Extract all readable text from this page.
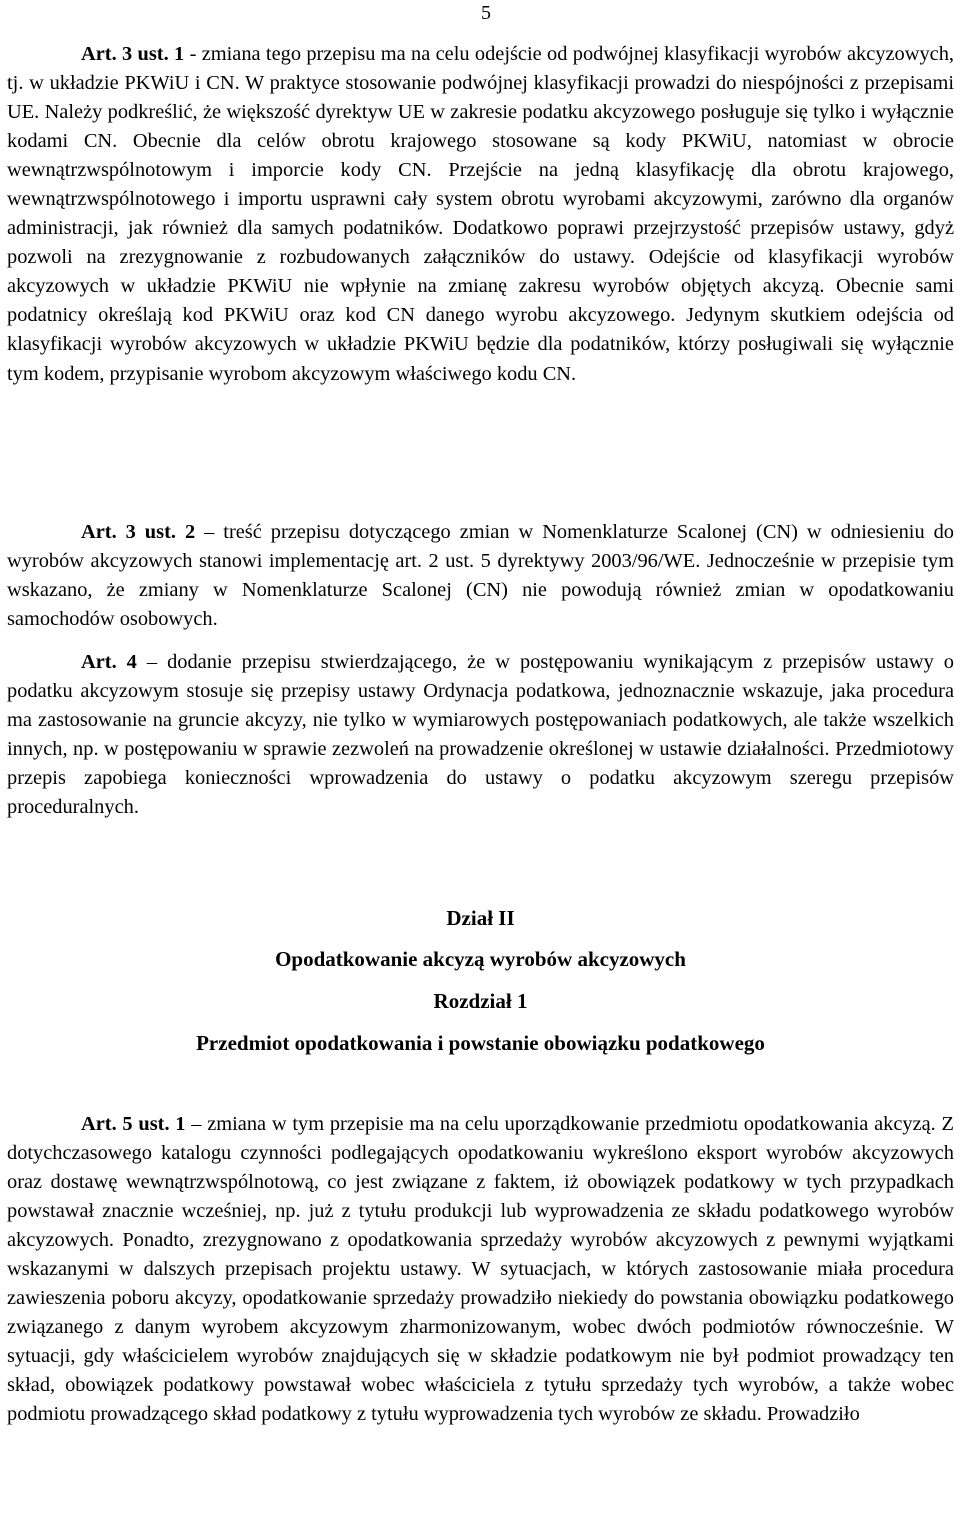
5

Art. 3 ust. 1 - zmiana tego przepisu ma na celu odejście od podwójnej klasyfikacji wyrobów akcyzowych, tj. w układzie PKWiU i CN. W praktyce stosowanie podwójnej klasyfikacji prowadzi do niespójności z przepisami UE. Należy podkreślić, że większość dyrektyw UE w zakresie podatku akcyzowego posługuje się tylko i wyłącznie kodami CN. Obecnie dla celów obrotu krajowego stosowane są kody PKWiU, natomiast w obrocie wewnątrzwspólnotowym i imporcie kody CN. Przejście na jedną klasyfikację dla obrotu krajowego, wewnątrzwspólnotowego i importu usprawni cały system obrotu wyrobami akcyzowymi, zarówno dla organów administracji, jak również dla samych podatników. Dodatkowo poprawi przejrzystość przepisów ustawy, gdyż pozwoli na zrezygnowanie z rozbudowanych załączników do ustawy. Odejście od klasyfikacji wyrobów akcyzowych w układzie PKWiU nie wpłynie na zmianę zakresu wyrobów objętych akcyzą. Obecnie sami podatnicy określają kod PKWiU oraz kod CN danego wyrobu akcyzowego. Jedynym skutkiem odejścia od klasyfikacji wyrobów akcyzowych w układzie PKWiU będzie dla podatników, którzy posługiwali się wyłącznie tym kodem, przypisanie wyrobom akcyzowym właściwego kodu CN.

Art. 3 ust. 2 – treść przepisu dotyczącego zmian w Nomenklaturze Scalonej (CN) w odniesieniu do wyrobów akcyzowych stanowi implementację art. 2 ust. 5 dyrektywy 2003/96/WE. Jednocześnie w przepisie tym wskazano, że zmiany w Nomenklaturze Scalonej (CN) nie powodują również zmian w opodatkowaniu samochodów osobowych.

Art. 4 – dodanie przepisu stwierdzającego, że w postępowaniu wynikającym z przepisów ustawy o podatku akcyzowym stosuje się przepisy ustawy Ordynacja podatkowa, jednoznacznie wskazuje, jaka procedura ma zastosowanie na gruncie akcyzy, nie tylko w wymiarowych postępowaniach podatkowych, ale także wszelkich innych, np. w postępowaniu w sprawie zezwoleń na prowadzenie określonej w ustawie działalności. Przedmiotowy przepis zapobiega konieczności wprowadzenia do ustawy o podatku akcyzowym szeregu przepisów proceduralnych.

Dział II
Opodatkowanie akcyzą wyrobów akcyzowych
Rozdział 1
Przedmiot opodatkowania i powstanie obowiązku podatkowego

Art. 5 ust. 1 – zmiana w tym przepisie ma na celu uporządkowanie przedmiotu opodatkowania akcyzą. Z dotychczasowego katalogu czynności podlegających opodatkowaniu wykreślono eksport wyrobów akcyzowych oraz dostawę wewnątrzwspólnotową, co jest związane z faktem, iż obowiązek podatkowy w tych przypadkach powstawał znacznie wcześniej, np. już z tytułu produkcji lub wyprowadzenia ze składu podatkowego wyrobów akcyzowych. Ponadto, zrezygnowano z opodatkowania sprzedaży wyrobów akcyzowych z pewnymi wyjątkami wskazanymi w dalszych przepisach projektu ustawy. W sytuacjach, w których zastosowanie miała procedura zawieszenia poboru akcyzy, opodatkowanie sprzedaży prowadziło niekiedy do powstania obowiązku podatkowego związanego z danym wyrobem akcyzowym zharmonizowanym, wobec dwóch podmiotów równocześnie. W sytuacji, gdy właścicielem wyrobów znajdujących się w składzie podatkowym nie był podmiot prowadzący ten skład, obowiązek podatkowy powstawał wobec właściciela z tytułu sprzedaży tych wyrobów, a także wobec podmiotu prowadzącego skład podatkowy z tytułu wyprowadzenia tych wyrobów ze składu. Prowadziło
